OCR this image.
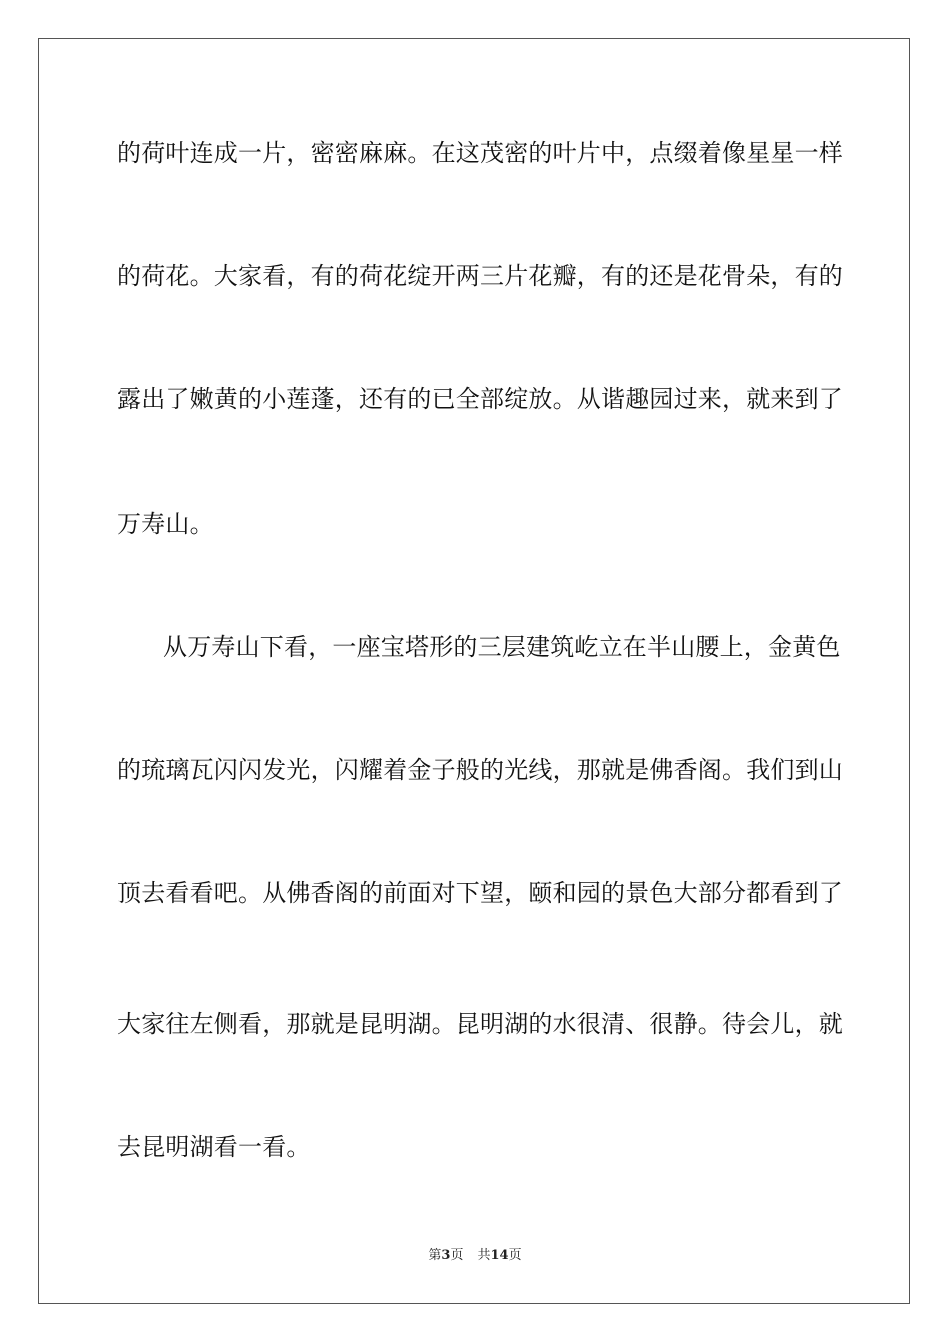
的荷叶连成一片，密密麻麻。在这茂密的叶片中，点缀着像星星一样
的荷花。大家看，有的荷花绽开两三片花瓣，有的还是花骨朵，有的
露出了嫩黄的小莲蓬，还有的已全部绽放。从谐趣园过来，就来到了
万寿山。
从万寿山下看，一座宝塔形的三层建筑屹立在半山腰上，金黄色
的琉璃瓦闪闪发光，闪耀着金子般的光线，那就是佛香阁。我们到山
顶去看看吧。从佛香阁的前面对下望，颐和园的景色大部分都看到了
大家往左侧看，那就是昆明湖。昆明湖的水很清、很静。待会儿，就
去昆明湖看一看。
第3页 共14页
